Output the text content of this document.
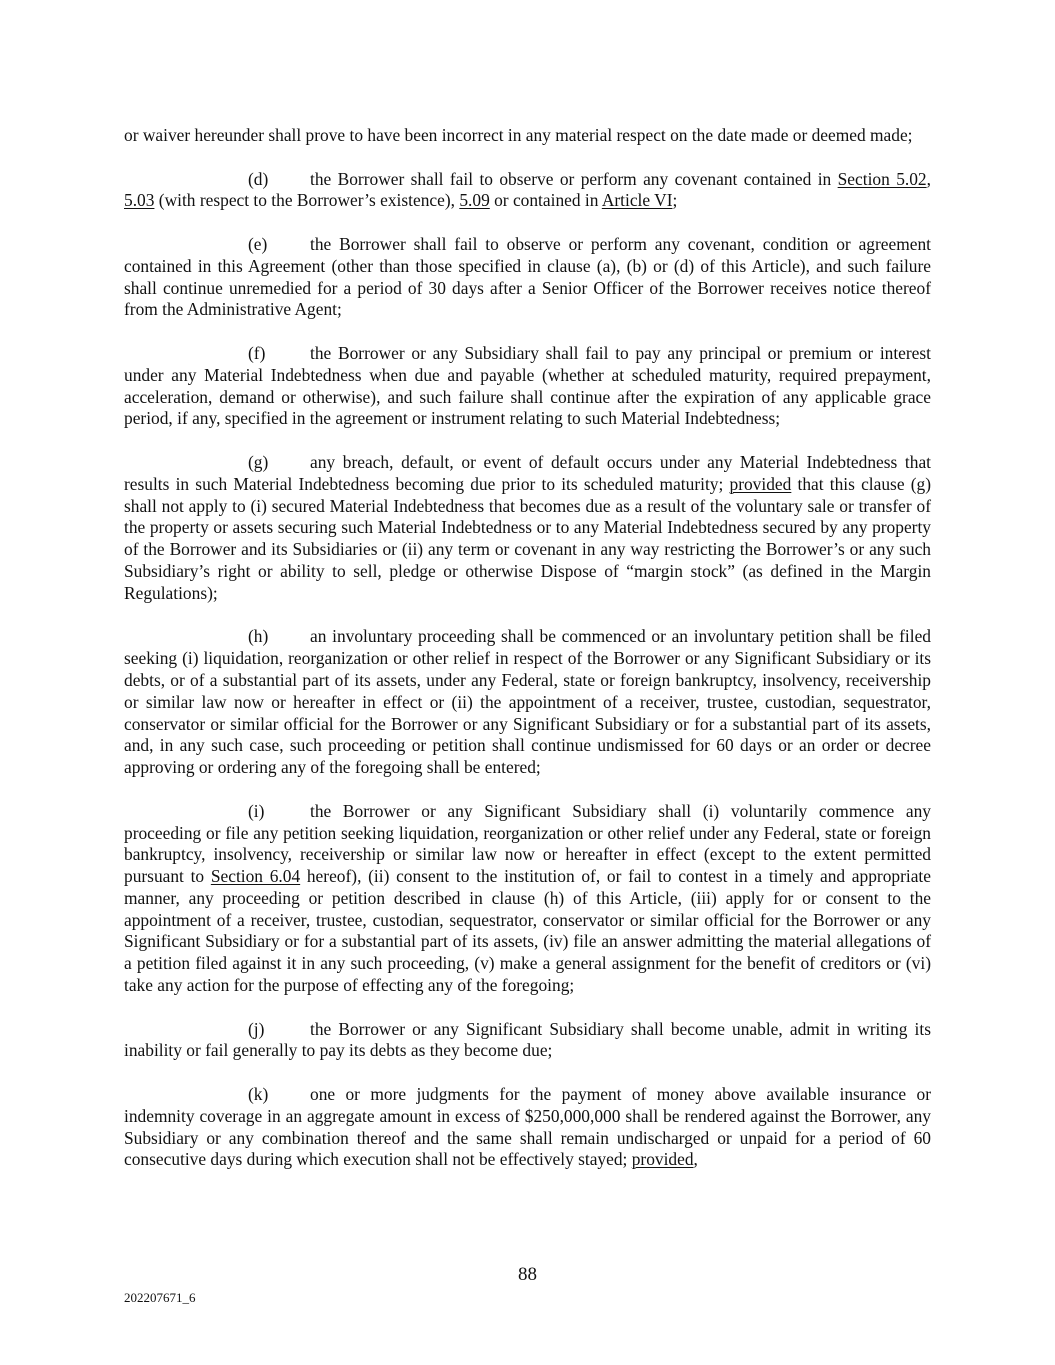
or waiver hereunder shall prove to have been incorrect in any material respect on the date made or deemed made;

(d) the Borrower shall fail to observe or perform any covenant contained in Section 5.02, 5.03 (with respect to the Borrower’s existence), 5.09 or contained in Article VI;

(e) the Borrower shall fail to observe or perform any covenant, condition or agreement contained in this Agreement (other than those specified in clause (a), (b) or (d) of this Article), and such failure shall continue unremedied for a period of 30 days after a Senior Officer of the Borrower receives notice thereof from the Administrative Agent;

(f)	the Borrower or any Subsidiary shall fail to pay any principal or premium or interest under any Material Indebtedness when due and payable (whether at scheduled maturity, required prepayment, acceleration, demand or otherwise), and such failure shall continue after the expiration of any applicable grace period, if any, specified in the agreement or instrument relating to such Material Indebtedness;

(g) any breach, default, or event of default occurs under any Material Indebtedness that results in such Material Indebtedness becoming due prior to its scheduled maturity; provided that this clause (g) shall not apply to (i) secured Material Indebtedness that becomes due as a result of the voluntary sale or transfer of the property or assets securing such Material Indebtedness or to any Material Indebtedness secured by any property of the Borrower and its Subsidiaries or (ii) any term or covenant in any way restricting the Borrower’s or any such Subsidiary’s right or ability to sell, pledge or otherwise Dispose of “margin stock” (as defined in the Margin Regulations);

(h) an involuntary proceeding shall be commenced or an involuntary petition shall be filed seeking (i) liquidation, reorganization or other relief in respect of the Borrower or any Significant Subsidiary or its debts, or of a substantial part of its assets, under any Federal, state or foreign bankruptcy, insolvency, receivership or similar law now or hereafter in effect or (ii) the appointment of a receiver, trustee, custodian, sequestrator, conservator or similar official for the Borrower or any Significant Subsidiary or for a substantial part of its assets, and, in any such case, such proceeding or petition shall continue undismissed for 60 days or an order or decree approving or ordering any of the foregoing shall be entered;

(i)	the Borrower or any Significant Subsidiary shall (i) voluntarily commence any proceeding or file any petition seeking liquidation, reorganization or other relief under any Federal, state or foreign bankruptcy, insolvency, receivership or similar law now or hereafter in effect (except to the extent permitted pursuant to Section 6.04 hereof), (ii) consent to the institution of, or fail to contest in a timely and appropriate manner, any proceeding or petition described in clause (h) of this Article, (iii) apply for or consent to the appointment of a receiver, trustee, custodian, sequestrator, conservator or similar official for the Borrower or any Significant Subsidiary or for a substantial part of its assets, (iv) file an answer admitting the material allegations of a petition filed against it in any such proceeding, (v) make a general assignment for the benefit of creditors or (vi) take any action for the purpose of effecting any of the foregoing;

(j)	the Borrower or any Significant Subsidiary shall become unable, admit in writing its inability or fail generally to pay its debts as they become due;

(k) one or more judgments for the payment of money above available insurance or indemnity coverage in an aggregate amount in excess of $250,000,000 shall be rendered against the Borrower, any Subsidiary or any combination thereof and the same shall remain undischarged or unpaid for a period of 60 consecutive days during which execution shall not be effectively stayed; provided,

88
202207671_6
